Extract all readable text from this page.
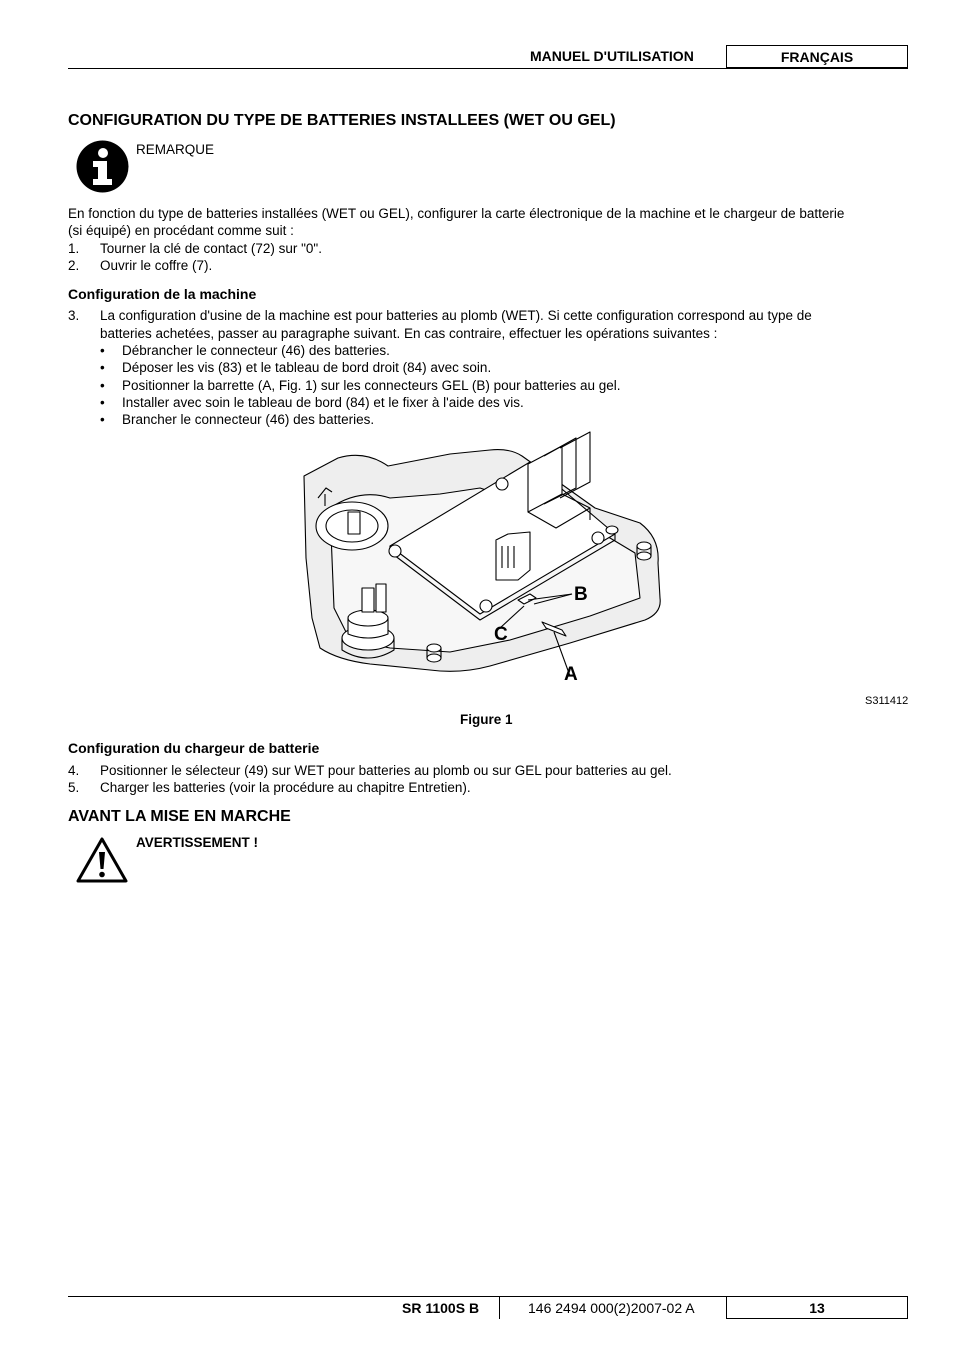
MANUEL D'UTILISATION	FRANÇAIS
CONFIGURATION DU TYPE DE BATTERIES INSTALLEES (WET OU GEL)
REMARQUE
En fonction du type de batteries installées (WET ou GEL), configurer la carte électronique de la machine et le chargeur de batterie
(si équipé) en procédant comme suit :
1. Tourner la clé de contact (72) sur "0".
2. Ouvrir le coffre (7).
Configuration de la machine
3. La configuration d'usine de la machine est pour batteries au plomb (WET). Si cette configuration correspond au type de
batteries achetées, passer au paragraphe suivant. En cas contraire, effectuer les opérations suivantes :
• Débrancher le connecteur (46) des batteries.
• Déposer les vis (83) et le tableau de bord droit (84) avec soin.
• Positionner la barrette (A, Fig. 1) sur les connecteurs GEL (B) pour batteries au gel.
• Installer avec soin le tableau de bord (84) et le fixer à l'aide des vis.
• Brancher le connecteur (46) des batteries.
B
C
A
S311412
Figure 1
Configuration du chargeur de batterie
4. Positionner le sélecteur (49) sur WET pour batteries au plomb ou sur GEL pour batteries au gel.
5. Charger les batteries (voir la procédure au chapitre Entretien).
AVANT LA MISE EN MARCHE
AVERTISSEMENT !
SR 1100S B	146 2494 000(2)2007-02 A	13
